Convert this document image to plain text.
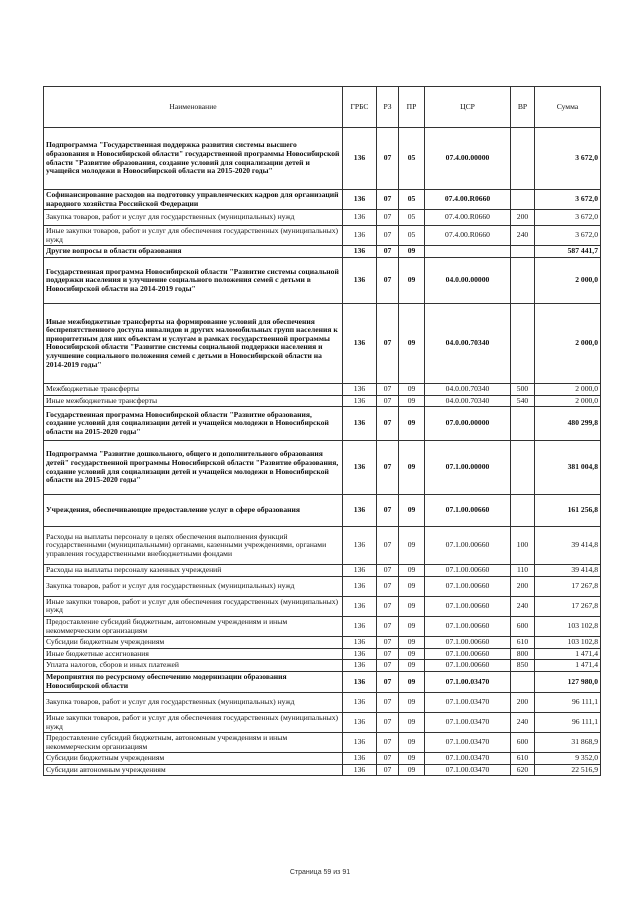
Наименование	ГРБС	РЗ	ПР	ЦСР	ВР	Сумма
Подпрограмма "Государственная поддержка развития системы высшего образования в Новосибирской области" государственной программы Новосибирской области "Развитие образования, создание условий для социализации детей и учащейся молодежи в Новосибирской области на 2015-2020 годы"	136	07	05	07.4.00.00000		3 672,0
Софинансирование расходов на подготовку управленческих кадров для организаций народного хозяйства Российской Федерации	136	07	05	07.4.00.R0660		3 672,0
Закупка товаров, работ и услуг для государственных (муниципальных) нужд	136	07	05	07.4.00.R0660	200	3 672,0
Иные закупки товаров, работ и услуг для обеспечения государственных (муниципальных) нужд	136	07	05	07.4.00.R0660	240	3 672,0
Другие вопросы в области образования	136	07	09			587 441,7
Государственная программа Новосибирской области "Развитие системы социальной поддержки населения и улучшение социального положения семей с детьми в Новосибирской области на 2014-2019 годы"	136	07	09	04.0.00.00000		2 000,0
Иные межбюджетные трансферты на формирование условий для обеспечения беспрепятственного доступа инвалидов и других маломобильных групп населения к приоритетным для них объектам и услугам в рамках государственной программы Новосибирской области "Развитие системы социальной поддержки населения и улучшение социального положения семей с детьми в Новосибирской области на 2014-2019 годы"	136	07	09	04.0.00.70340		2 000,0
Межбюджетные трансферты	136	07	09	04.0.00.70340	500	2 000,0
Иные межбюджетные трансферты	136	07	09	04.0.00.70340	540	2 000,0
Государственная программа Новосибирской области "Развитие образования, создание условий для социализации детей и учащейся молодежи в Новосибирской области на 2015-2020 годы"	136	07	09	07.0.00.00000		480 299,8
Подпрограмма "Развитие дошкольного, общего и дополнительного образования детей" государственной программы Новосибирской области "Развитие образования, создание условий для социализации детей и учащейся молодежи в Новосибирской области на 2015-2020 годы"	136	07	09	07.1.00.00000		381 004,8
Учреждения, обеспечивающие предоставление услуг в сфере образования	136	07	09	07.1.00.00660		161 256,8
Расходы на выплаты персоналу в целях обеспечения выполнения функций государственными (муниципальными) органами, казенными учреждениями, органами управления государственными внебюджетными фондами	136	07	09	07.1.00.00660	100	39 414,8
Расходы на выплаты персоналу казенных учреждений	136	07	09	07.1.00.00660	110	39 414,8
Закупка товаров, работ и услуг для государственных (муниципальных) нужд	136	07	09	07.1.00.00660	200	17 267,8
Иные закупки товаров, работ и услуг для обеспечения государственных (муниципальных) нужд	136	07	09	07.1.00.00660	240	17 267,8
Предоставление субсидий бюджетным, автономным учреждениям и иным некоммерческим организациям	136	07	09	07.1.00.00660	600	103 102,8
Субсидии бюджетным учреждениям	136	07	09	07.1.00.00660	610	103 102,8
Иные бюджетные ассигнования	136	07	09	07.1.00.00660	800	1 471,4
Уплата налогов, сборов и иных платежей	136	07	09	07.1.00.00660	850	1 471,4
Мероприятия по ресурсному обеспечению модернизации образования Новосибирской области	136	07	09	07.1.00.03470		127 980,0
Закупка товаров, работ и услуг для государственных (муниципальных) нужд	136	07	09	07.1.00.03470	200	96 111,1
Иные закупки товаров, работ и услуг для обеспечения государственных (муниципальных) нужд	136	07	09	07.1.00.03470	240	96 111,1
Предоставление субсидий бюджетным, автономным учреждениям и иным некоммерческим организациям	136	07	09	07.1.00.03470	600	31 868,9
Субсидии бюджетным учреждениям	136	07	09	07.1.00.03470	610	9 352,0
Субсидии автономным учреждениям	136	07	09	07.1.00.03470	620	22 516,9
Страница 59 из 91
